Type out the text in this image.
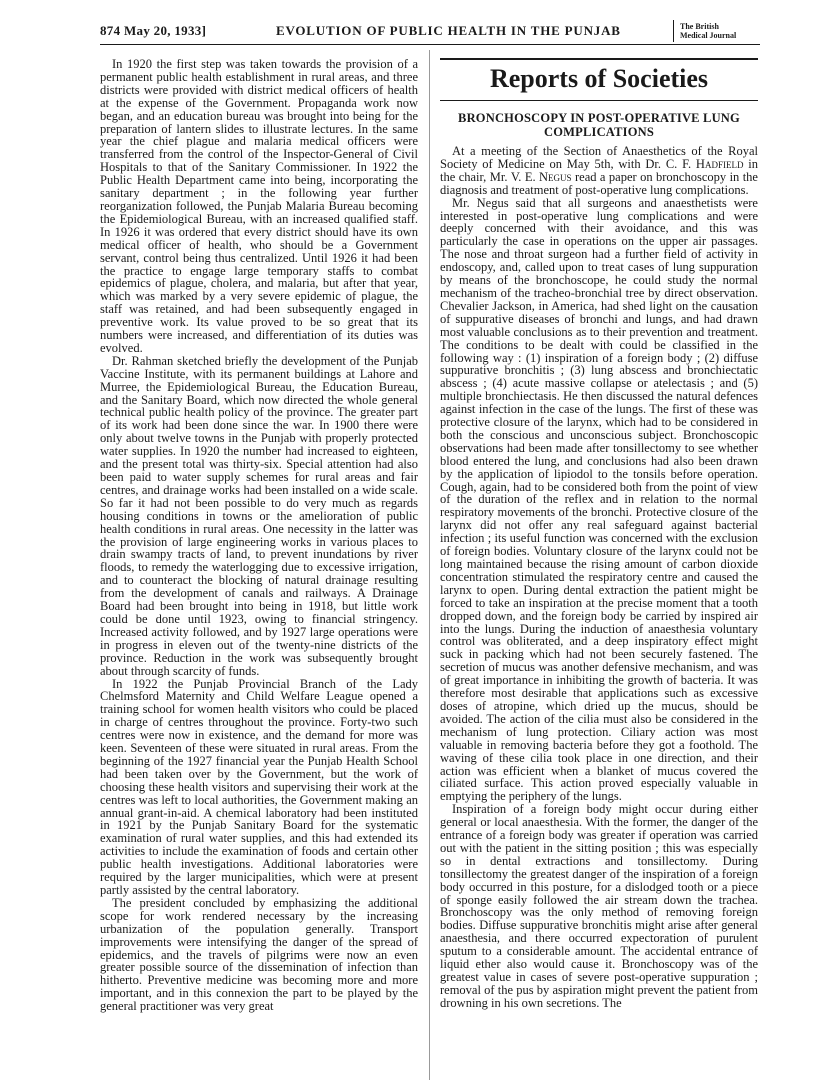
874 May 20, 1933]	EVOLUTION OF PUBLIC HEALTH IN THE PUNJAB	The British
Medical Journal

In 1920 the first step was taken towards the provision of a permanent public health establishment in rural areas, and three districts were provided with district medical officers of health at the expense of the Government. Propaganda work now began, and an education bureau was brought into being for the preparation of lantern slides to illustrate lectures. In the same year the chief plague and malaria medical officers were transferred from the control of the Inspector-General of Civil Hospitals to that of the Sanitary Commissioner. In 1922 the Public Health Department came into being, incorporating the sanitary department ; in the following year further reorganization followed, the Punjab Malaria Bureau becoming the Epidemiological Bureau, with an increased qualified staff. In 1926 it was ordered that every district should have its own medical officer of health, who should be a Government servant, control being thus centralized. Until 1926 it had been the practice to engage large temporary staffs to combat epidemics of plague, cholera, and malaria, but after that year, which was marked by a very severe epidemic of plague, the staff was retained, and had been subsequently engaged in preventive work. Its value proved to be so great that its numbers were increased, and differentiation of its duties was evolved.

Dr. Rahman sketched briefly the development of the Punjab Vaccine Institute, with its permanent buildings at Lahore and Murree, the Epidemiological Bureau, the Education Bureau, and the Sanitary Board, which now directed the whole general technical public health policy of the province. The greater part of its work had been done since the war. In 1900 there were only about twelve towns in the Punjab with properly protected water supplies. In 1920 the number had increased to eighteen, and the present total was thirty-six. Special attention had also been paid to water supply schemes for rural areas and fair centres, and drainage works had been installed on a wide scale. So far it had not been possible to do very much as regards housing conditions in towns or the amelioration of public health conditions in rural areas. One necessity in the latter was the provision of large engineering works in various places to drain swampy tracts of land, to prevent inundations by river floods, to remedy the waterlogging due to excessive irrigation, and to counteract the blocking of natural drainage resulting from the development of canals and railways. A Drainage Board had been brought into being in 1918, but little work could be done until 1923, owing to financial stringency. Increased activity followed, and by 1927 large operations were in progress in eleven out of the twenty-nine districts of the province. Reduction in the work was subsequently brought about through scarcity of funds.

In 1922 the Punjab Provincial Branch of the Lady Chelmsford Maternity and Child Welfare League opened a training school for women health visitors who could be placed in charge of centres throughout the province. Forty-two such centres were now in existence, and the demand for more was keen. Seventeen of these were situated in rural areas. From the beginning of the 1927 financial year the Punjab Health School had been taken over by the Government, but the work of choosing these health visitors and supervising their work at the centres was left to local authorities, the Government making an annual grant-in-aid. A chemical laboratory had been instituted in 1921 by the Punjab Sanitary Board for the systematic examination of rural water supplies, and this had extended its activities to include the examination of foods and certain other public health investigations. Additional laboratories were required by the larger municipalities, which were at present partly assisted by the central laboratory.

The president concluded by emphasizing the additional scope for work rendered necessary by the increasing urbanization of the population generally. Transport improvements were intensifying the danger of the spread of epidemics, and the travels of pilgrims were now an even greater possible source of the dissemination of infection than hitherto. Preventive medicine was becoming more and more important, and in this connexion the part to be played by the general practitioner was very great

Reports of Societies
BRONCHOSCOPY IN POST-OPERATIVE LUNG COMPLICATIONS

At a meeting of the Section of Anaesthetics of the Royal Society of Medicine on May 5th, with Dr. C. F. Hadfield in the chair, Mr. V. E. Negus read a paper on bronchoscopy in the diagnosis and treatment of post-operative lung complications.

Mr. Negus said that all surgeons and anaesthetists were interested in post-operative lung complications and were deeply concerned with their avoidance, and this was particularly the case in operations on the upper air passages. The nose and throat surgeon had a further field of activity in endoscopy, and, called upon to treat cases of lung suppuration by means of the bronchoscope, he could study the normal mechanism of the tracheo-bronchial tree by direct observation. Chevalier Jackson, in America, had shed light on the causation of suppurative diseases of bronchi and lungs, and had drawn most valuable conclusions as to their prevention and treatment. The conditions to be dealt with could be classified in the following way : (1) inspiration of a foreign body ; (2) diffuse suppurative bronchitis ; (3) lung abscess and bronchiectatic abscess ; (4) acute massive collapse or atelectasis ; and (5) multiple bronchiectasis. He then discussed the natural defences against infection in the case of the lungs. The first of these was protective closure of the larynx, which had to be considered in both the conscious and unconscious subject. Bronchoscopic observations had been made after tonsillectomy to see whether blood entered the lung, and conclusions had also been drawn by the application of lipiodol to the tonsils before operation. Cough, again, had to be considered both from the point of view of the duration of the reflex and in relation to the normal respiratory movements of the bronchi. Protective closure of the larynx did not offer any real safeguard against bacterial infection ; its useful function was concerned with the exclusion of foreign bodies. Voluntary closure of the larynx could not be long maintained because the rising amount of carbon dioxide concentration stimulated the respiratory centre and caused the larynx to open. During dental extraction the patient might be forced to take an inspiration at the precise moment that a tooth dropped down, and the foreign body be carried by inspired air into the lungs. During the induction of anaesthesia voluntary control was obliterated, and a deep inspiratory effect might suck in packing which had not been securely fastened. The secretion of mucus was another defensive mechanism, and was of great importance in inhibiting the growth of bacteria. It was therefore most desirable that applications such as excessive doses of atropine, which dried up the mucus, should be avoided. The action of the cilia must also be considered in the mechanism of lung protection. Ciliary action was most valuable in removing bacteria before they got a foothold. The waving of these cilia took place in one direction, and their action was efficient when a blanket of mucus covered the ciliated surface. This action proved especially valuable in emptying the periphery of the lungs.

Inspiration of a foreign body might occur during either general or local anaesthesia. With the former, the danger of the entrance of a foreign body was greater if operation was carried out with the patient in the sitting position ; this was especially so in dental extractions and tonsillectomy. During tonsillectomy the greatest danger of the inspiration of a foreign body occurred in this posture, for a dislodged tooth or a piece of sponge easily followed the air stream down the trachea. Bronchoscopy was the only method of removing foreign bodies. Diffuse suppurative bronchitis might arise after general anaesthesia, and there occurred expectoration of purulent sputum to a considerable amount. The accidental entrance of liquid ether also would cause it. Bronchoscopy was of the greatest value in cases of severe post-operative suppuration ; removal of the pus by aspiration might prevent the patient from drowning in his own secretions. The
